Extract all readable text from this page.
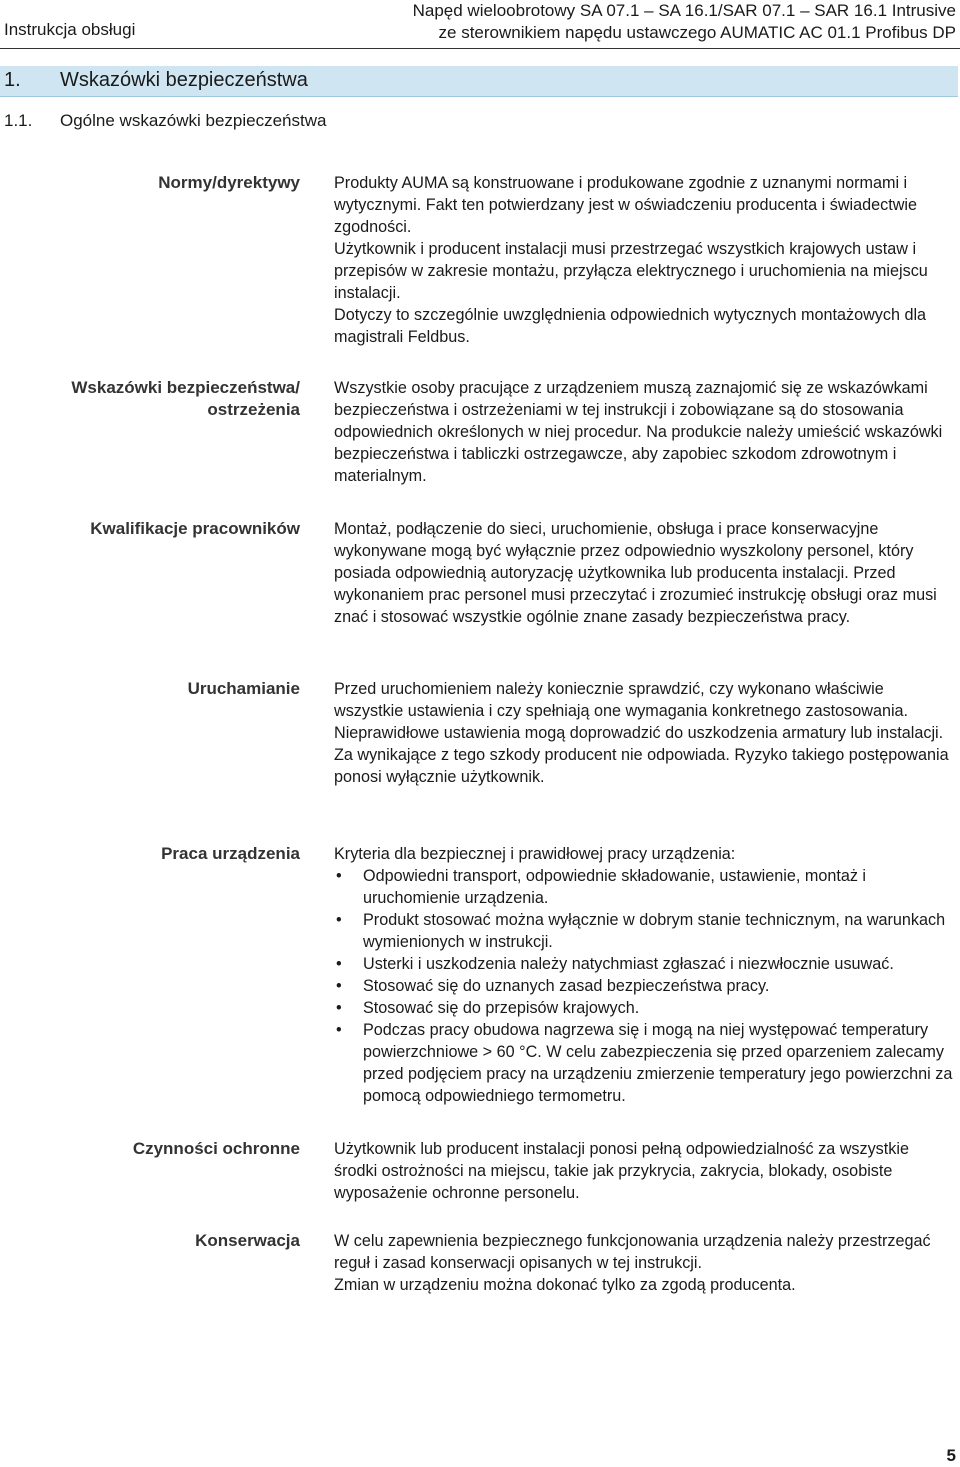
Instrukcja obsługi
Napęd wieloobrotowy SA 07.1 – SA 16.1/SAR 07.1 – SAR 16.1 Intrusive
ze sterownikiem napędu ustawczego AUMATIC AC 01.1 Profibus DP
1. Wskazówki bezpieczeństwa
1.1. Ogólne wskazówki bezpieczeństwa
Normy/dyrektywy Produkty AUMA są konstruowane i produkowane zgodnie z uznanymi normami i wytycznymi. Fakt ten potwierdzany jest w oświadczeniu producenta i świadectwie zgodności.

Użytkownik i producent instalacji musi przestrzegać wszystkich krajowych ustaw i przepisów w zakresie montażu, przyłącza elektrycznego i uruchomienia na miejscu instalacji.

Dotyczy to szczególnie uwzględnienia odpowiednich wytycznych montażowych dla magistrali Feldbus.

Wskazówki bezpieczeństwa/
ostrzeżenia

Wszystkie osoby pracujące z urządzeniem muszą zaznajomić się ze wskazówkami bezpieczeństwa i ostrzeżeniami w tej instrukcji i zobowiązane są do stosowania odpowiednich określonych w niej procedur. Na produkcie należy umieścić wskazówki bezpieczeństwa i tabliczki ostrzegawcze, aby zapobiec szkodom zdrowotnym i materialnym.

Kwalifikacje pracowników Montaż, podłączenie do sieci, uruchomienie, obsługa i prace konserwacyjne wykonywane mogą być wyłącznie przez odpowiednio wyszkolony personel, który posiada odpowiednią autoryzację użytkownika lub producenta instalacji. Przed wykonaniem prac personel musi przeczytać i zrozumieć instrukcję obsługi oraz musi znać i stosować wszystkie ogólnie znane zasady bezpieczeństwa pracy.

Uruchamianie Przed uruchomieniem należy koniecznie sprawdzić, czy wykonano właściwie wszystkie ustawienia i czy spełniają one wymagania konkretnego zastosowania. Nieprawidłowe ustawienia mogą doprowadzić do uszkodzenia armatury lub instalacji.

Za wynikające z tego szkody producent nie odpowiada. Ryzyko takiego postępowania ponosi wyłącznie użytkownik.

Praca urządzenia Kryteria dla bezpiecznej i prawidłowej pracy urządzenia:

• Odpowiedni transport, odpowiednie składowanie, ustawienie, montaż i uruchomienie urządzenia.
• Produkt stosować można wyłącznie w dobrym stanie technicznym, na warunkach wymienionych w instrukcji.
• Usterki i uszkodzenia należy natychmiast zgłaszać i niezwłocznie usuwać.
• Stosować się do uznanych zasad bezpieczeństwa pracy.
• Stosować się do przepisów krajowych.
• Podczas pracy obudowa nagrzewa się i mogą na niej występować temperatury powierzchniowe > 60 °C. W celu zabezpieczenia się przed oparzeniem zalecamy przed podjęciem pracy na urządzeniu zmierzenie temperatury jego powierzchni za pomocą odpowiedniego termometru.
Czynności ochronne Użytkownik lub producent instalacji ponosi pełną odpowiedzialność za wszystkie środki ostrożności na miejscu, takie jak przykrycia, zakrycia, blokady, osobiste wyposażenie ochronne personelu.

Konserwacja W celu zapewnienia bezpiecznego funkcjonowania urządzenia należy przestrzegać reguł i zasad konserwacji opisanych w tej instrukcji.

Zmian w urządzeniu można dokonać tylko za zgodą producenta.

5
